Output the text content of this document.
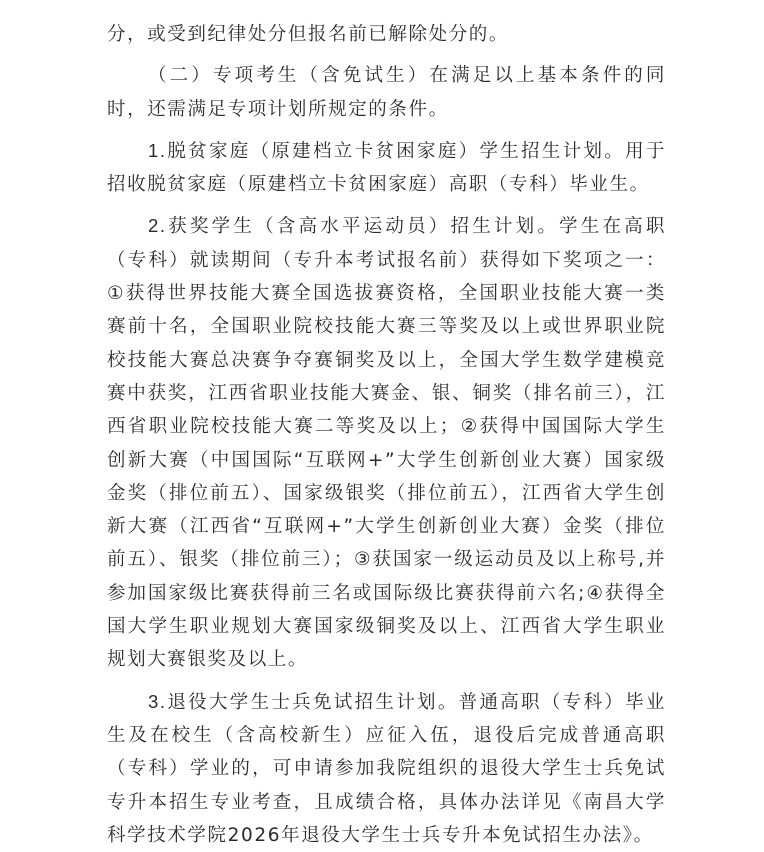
分，或受到纪律处分但报名前已解除处分的。

（二）专项考生（含免试生）在满足以上基本条件的同时，还需满足专项计划所规定的条件。

1.脱贫家庭（原建档立卡贫困家庭）学生招生计划。用于招收脱贫家庭（原建档立卡贫困家庭）高职（专科）毕业生。

2.获奖学生（含高水平运动员）招生计划。学生在高职（专科）就读期间（专升本考试报名前）获得如下奖项之一：①获得世界技能大赛全国选拔赛资格，全国职业技能大赛一类赛前十名，全国职业院校技能大赛三等奖及以上或世界职业院校技能大赛总决赛争夺赛铜奖及以上，全国大学生数学建模竞赛中获奖，江西省职业技能大赛金、银、铜奖（排名前三），江西省职业院校技能大赛二等奖及以上；②获得中国国际大学生创新大赛（中国国际“互联网+”大学生创新创业大赛）国家级金奖（排位前五）、国家级银奖（排位前五），江西省大学生创新大赛（江西省“互联网+”大学生创新创业大赛）金奖（排位前五）、银奖（排位前三）；③获国家一级运动员及以上称号,并参加国家级比赛获得前三名或国际级比赛获得前六名;④获得全国大学生职业规划大赛国家级铜奖及以上、江西省大学生职业规划大赛银奖及以上。

3.退役大学生士兵免试招生计划。普通高职（专科）毕业生及在校生（含高校新生）应征入伍，退役后完成普通高职（专科）学业的，可申请参加我院组织的退役大学生士兵免试专升本招生专业考查，且成绩合格，具体办法详见《南昌大学科学技术学院2026年退役大学生士兵专升本免试招生办法》。
